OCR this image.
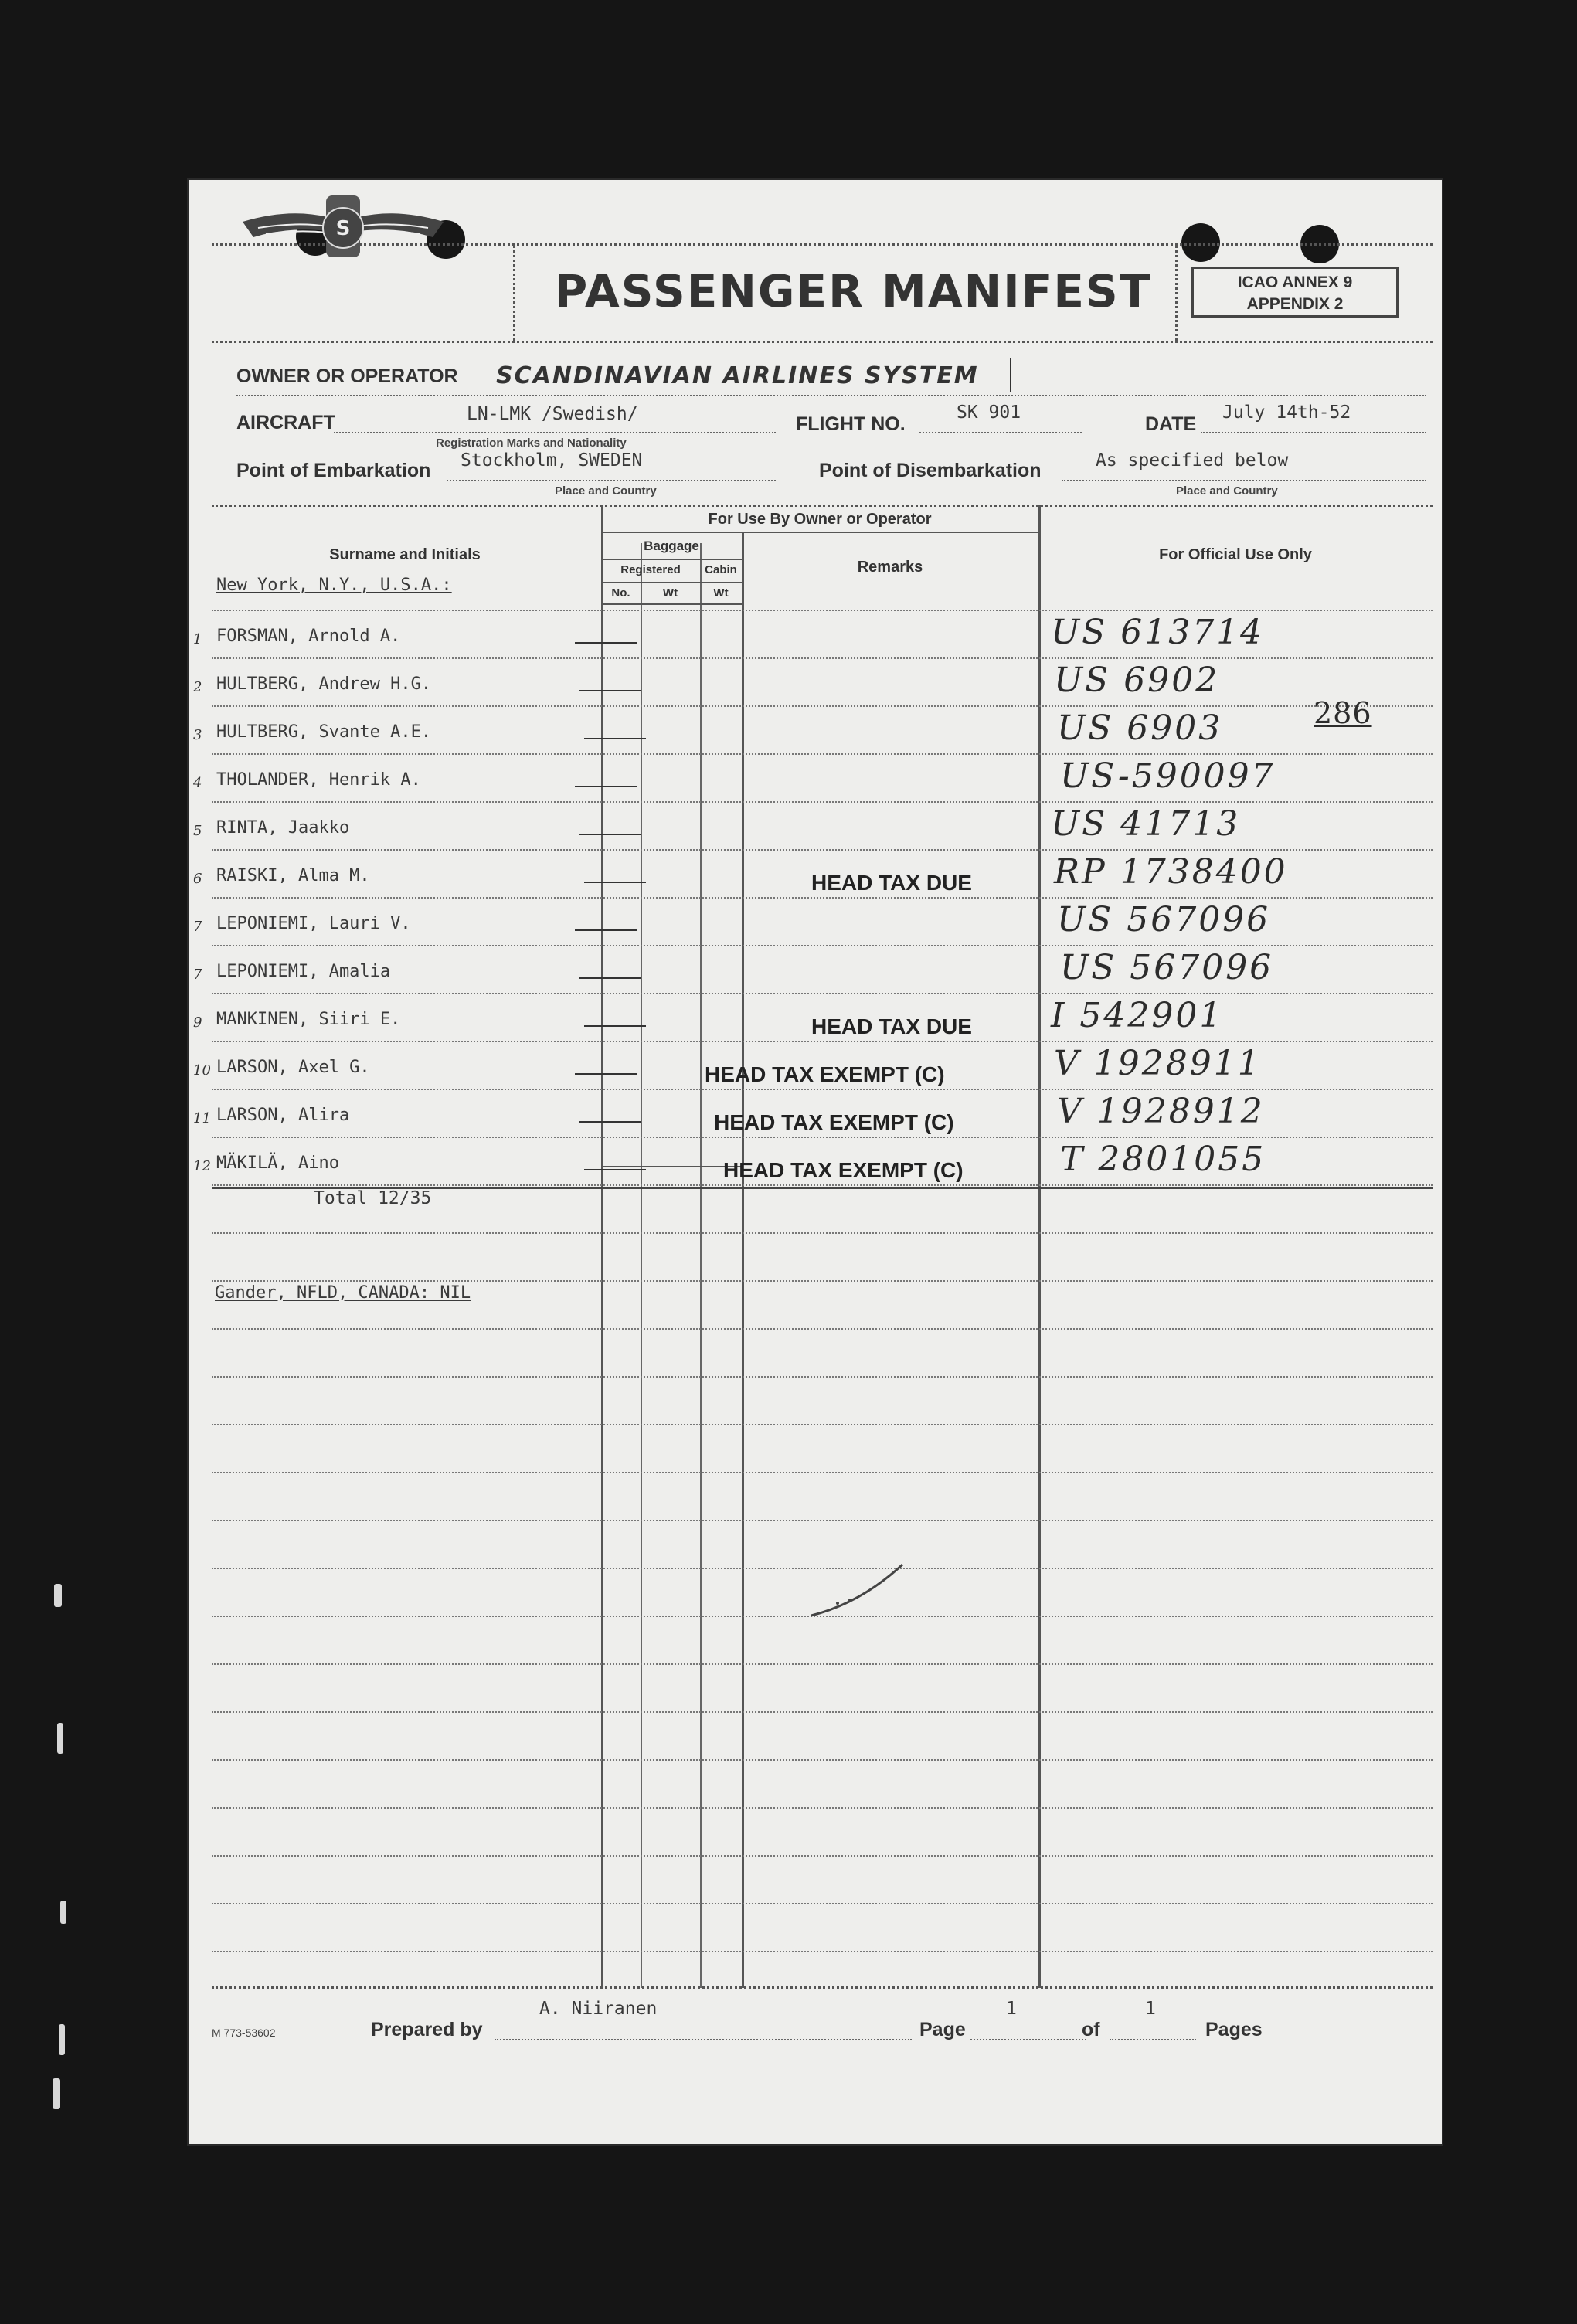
S
PASSENGER MANIFEST	ICAO ANNEX 9
APPENDIX 2
OWNER OR OPERATOR SCANDINAVIAN AIRLINES SYSTEM
AIRCRAFT	LN-LMK /Swedish/
Registration Marks and Nationality
FLIGHT NO.
SK 901
DATE
July 14th-52
Point of Embarkation Stockholm, SWEDEN
Place and Country
Point of Disembarkation	As specified below
Place and Country
Surname and Initials
For Use By Owner or Operator
Baggage
Registered	Cabin
No.	Wt	Wt
Remarks
For Official Use Only
New York, N.Y., U.S.A.:
1 FORSMAN, Arnold A.	US 613714
2 HULTBERG, Andrew H.G.	US 6902
3 HULTBERG, Svante A.E.	US 6903
4 THOLANDER, Henrik A.	US-590097
5 RINTA, Jaakko	US 41713
6 RAISKI, Alma M.	HEAD TAX DUE RP 1738400
7 LEPONIEMI, Lauri V.	US 567096
7 LEPONIEMI, Amalia	US 567096
9 MANKINEN, Siiri E.	HEAD TAX DUE I 542901
10 LARSON, Axel G.	HEAD TAX EXEMPT (C)	V 1928911
11 LARSON, Alira	HEAD TAX EXEMPT (C)	V 1928912
12 MÄKILÄ, Aino	HEAD TAX EXEMPT (C)	T 2801055
286
Total 12/35
Gander, NFLD, CANADA: NIL
M 773-53602	Prepared by
A. Niiranen
Page
1
of
1
Pages
